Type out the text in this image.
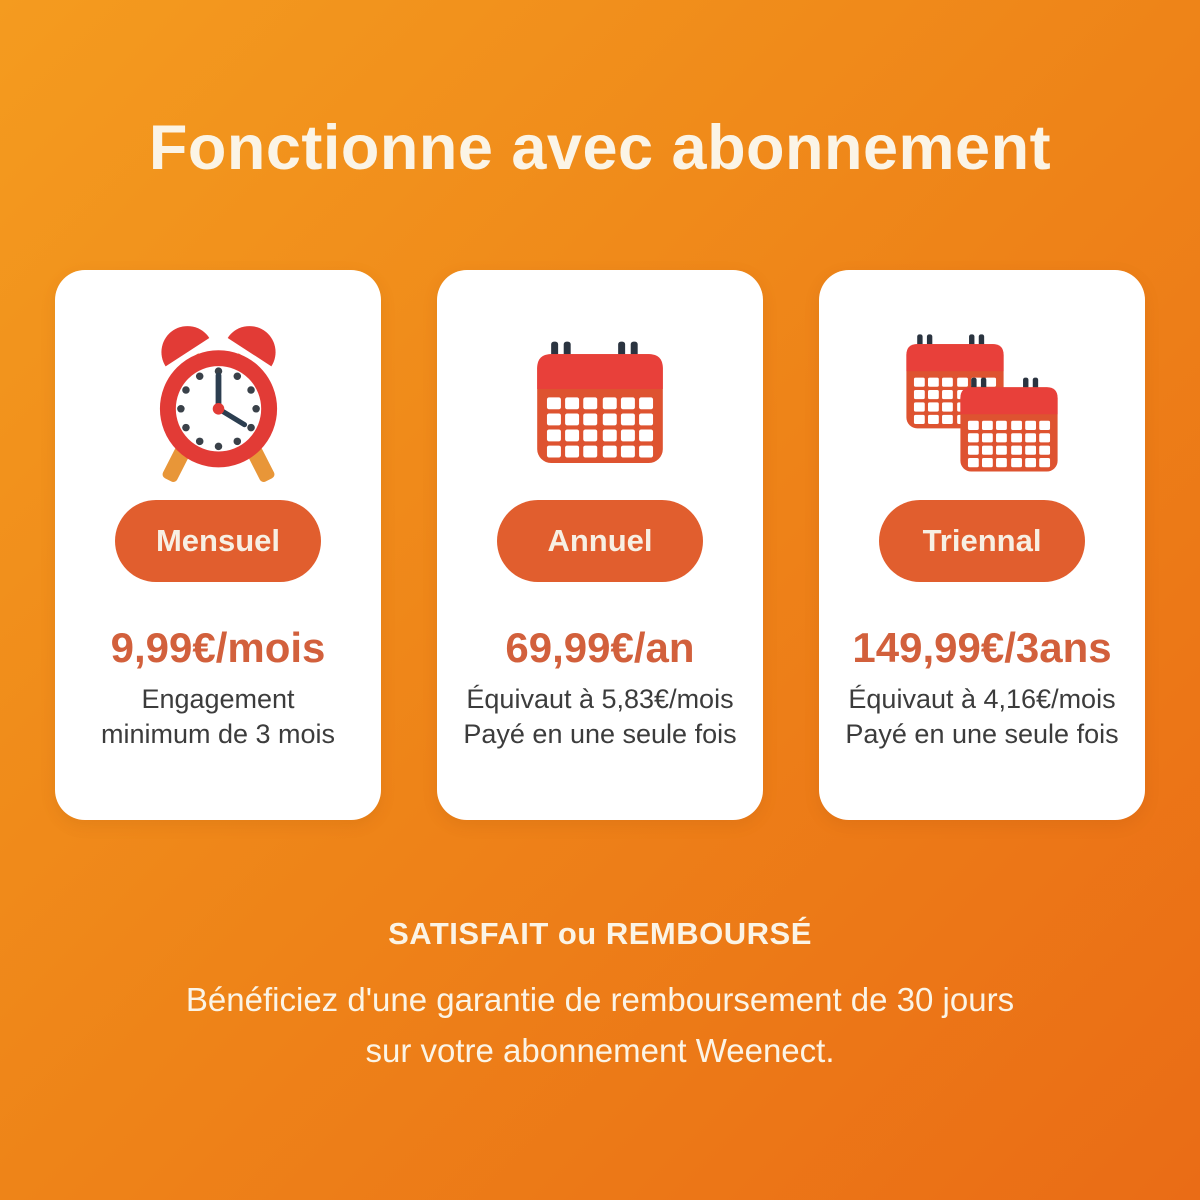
Fonctionne avec abonnement
Mensuel
9,99€/mois
Engagement
minimum de 3 mois
Annuel
69,99€/an
Équivaut à 5,83€/mois
Payé en une seule fois
Triennal
149,99€/3ans
Équivaut à 4,16€/mois
Payé en une seule fois
SATISFAIT ou REMBOURSÉ
Bénéficiez d'une garantie de remboursement de 30 jours
sur votre abonnement Weenect.
